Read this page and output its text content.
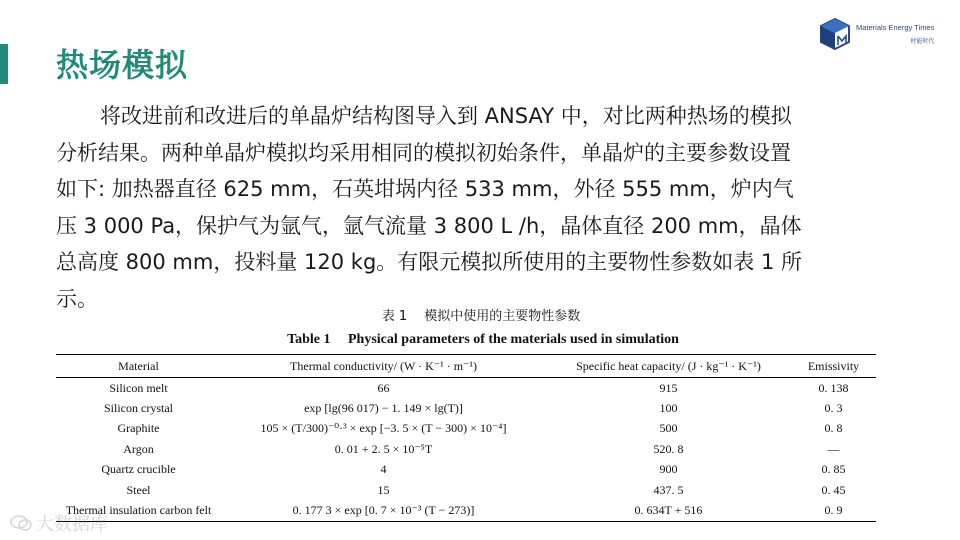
热场模拟
Materials Energy Times
材能时代
将改进前和改进后的单晶炉结构图导入到 ANSAY 中，对比两种热场的模拟
分析结果。两种单晶炉模拟均采用相同的模拟初始条件，单晶炉的主要参数设置
如下: 加热器直径 625 mm，石英坩埚内径 533 mm，外径 555 mm，炉内气
压 3 000 Pa，保护气为氩气，氩气流量 3 800 L /h，晶体直径 200 mm，晶体
总高度 800 mm，投料量 120 kg。有限元模拟所使用的主要物性参数如表 1 所
示。
表 1　 模拟中使用的主要物性参数
Table 1　 Physical parameters of the materials used in simulation
Material	Thermal conductivity/ (W · K⁻¹ · m⁻¹)	Specific heat capacity/ (J · kg⁻¹ · K⁻¹)	Emissivity
Silicon melt	66	915	0. 138
Silicon crystal	exp [lg(96 017) − 1. 149 × lg(T)]	100	0. 3
Graphite	105 × (T/300)⁻⁰·³ × exp [−3. 5 × (T − 300) × 10⁻⁴]	500	0. 8
Argon	0. 01 + 2. 5 × 10⁻⁵T	520. 8	—
Quartz crucible	4	900	0. 85
Steel	15	437. 5	0. 45
Thermal insulation carbon felt	0. 177 3 × exp [0. 7 × 10⁻³ (T − 273)]	0. 634T + 516	0. 9
大数据库
